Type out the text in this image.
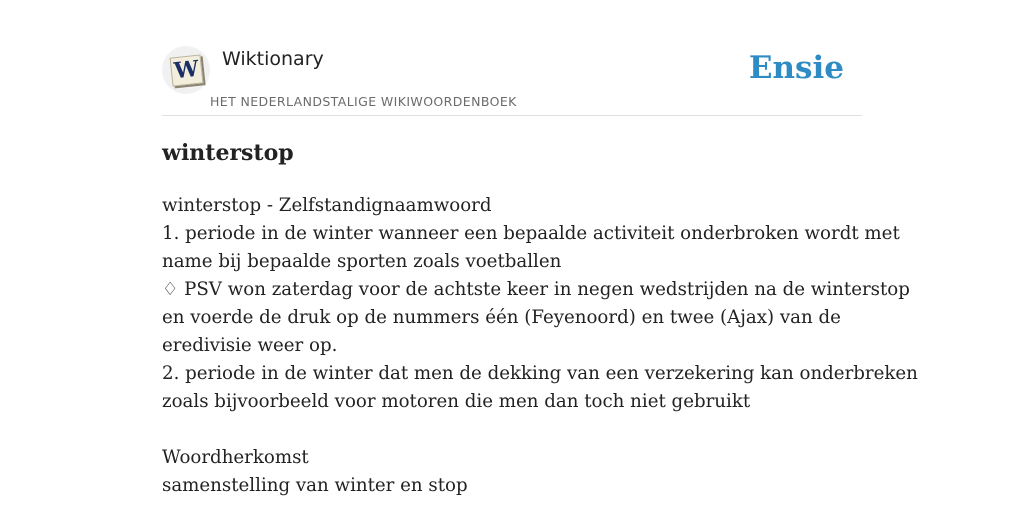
W Wiktionary
HET NEDERLANDSTALIGE WIKIWOORDENBOEK
Ensie
winterstop
winterstop - Zelfstandignaamwoord
1. periode in de winter wanneer een bepaalde activiteit onderbroken wordt met
name bij bepaalde sporten zoals voetballen
♢ PSV won zaterdag voor de achtste keer in negen wedstrijden na de winterstop
en voerde de druk op de nummers één (Feyenoord) en twee (Ajax) van de
eredivisie weer op.
2. periode in de winter dat men de dekking van een verzekering kan onderbreken
zoals bijvoorbeeld voor motoren die men dan toch niet gebruikt
Woordherkomst
samenstelling van winter en stop
